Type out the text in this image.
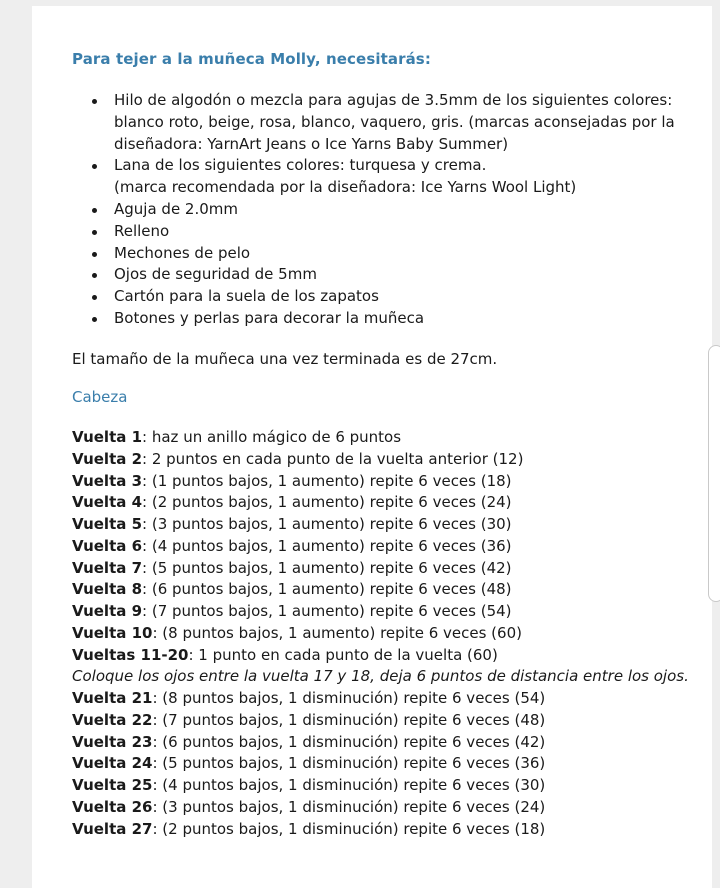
Para tejer a la muñeca Molly, necesitarás:
Hilo de algodón o mezcla para agujas de 3.5mm de los siguientes colores:
blanco roto, beige, rosa, blanco, vaquero, gris. (marcas aconsejadas por la
diseñadora: YarnArt Jeans o Ice Yarns Baby Summer)
Lana de los siguientes colores: turquesa y crema.
(marca recomendada por la diseñadora: Ice Yarns Wool Light)
Aguja de 2.0mm
Relleno
Mechones de pelo
Ojos de seguridad de 5mm
Cartón para la suela de los zapatos
Botones y perlas para decorar la muñeca
El tamaño de la muñeca una vez terminada es de 27cm.
Cabeza
Vuelta 1: haz un anillo mágico de 6 puntos
Vuelta 2: 2 puntos en cada punto de la vuelta anterior (12)
Vuelta 3: (1 puntos bajos, 1 aumento) repite 6 veces (18)
Vuelta 4: (2 puntos bajos, 1 aumento) repite 6 veces (24)
Vuelta 5: (3 puntos bajos, 1 aumento) repite 6 veces (30)
Vuelta 6: (4 puntos bajos, 1 aumento) repite 6 veces (36)
Vuelta 7: (5 puntos bajos, 1 aumento) repite 6 veces (42)
Vuelta 8: (6 puntos bajos, 1 aumento) repite 6 veces (48)
Vuelta 9: (7 puntos bajos, 1 aumento) repite 6 veces (54)
Vuelta 10: (8 puntos bajos, 1 aumento) repite 6 veces (60)
Vueltas 11-20: 1 punto en cada punto de la vuelta (60)
Coloque los ojos entre la vuelta 17 y 18, deja 6 puntos de distancia entre los ojos.
Vuelta 21: (8 puntos bajos, 1 disminución) repite 6 veces (54)
Vuelta 22: (7 puntos bajos, 1 disminución) repite 6 veces (48)
Vuelta 23: (6 puntos bajos, 1 disminución) repite 6 veces (42)
Vuelta 24: (5 puntos bajos, 1 disminución) repite 6 veces (36)
Vuelta 25: (4 puntos bajos, 1 disminución) repite 6 veces (30)
Vuelta 26: (3 puntos bajos, 1 disminución) repite 6 veces (24)
Vuelta 27: (2 puntos bajos, 1 disminución) repite 6 veces (18)
